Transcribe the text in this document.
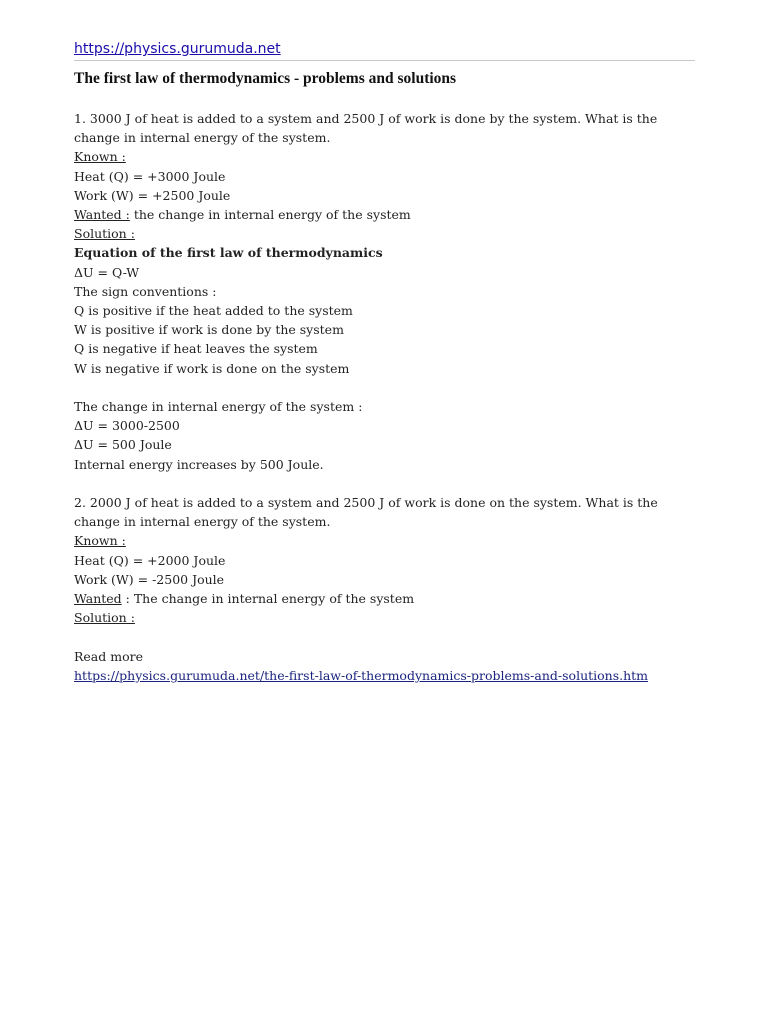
https://physics.gurumuda.net
The first law of thermodynamics - problems and solutions
1. 3000 J of heat is added to a system and 2500 J of work is done by the system. What is the change in internal energy of the system.
Known :
Heat (Q) = +3000 Joule
Work (W) = +2500 Joule
Wanted : the change in internal energy of the system
Solution :
Equation of the first law of thermodynamics
ΔU = Q-W
The sign conventions :
Q is positive if the heat added to the system
W is positive if work is done by the system
Q is negative if heat leaves the system
W is negative if work is done on the system
The change in internal energy of the system :
ΔU = 3000-2500
ΔU = 500 Joule
Internal energy increases by 500 Joule.
2. 2000 J of heat is added to a system and 2500 J of work is done on the system. What is the change in internal energy of the system.
Known :
Heat (Q) = +2000 Joule
Work (W) = -2500 Joule
Wanted : The change in internal energy of the system
Solution :
Read more
https://physics.gurumuda.net/the-first-law-of-thermodynamics-problems-and-solutions.htm
